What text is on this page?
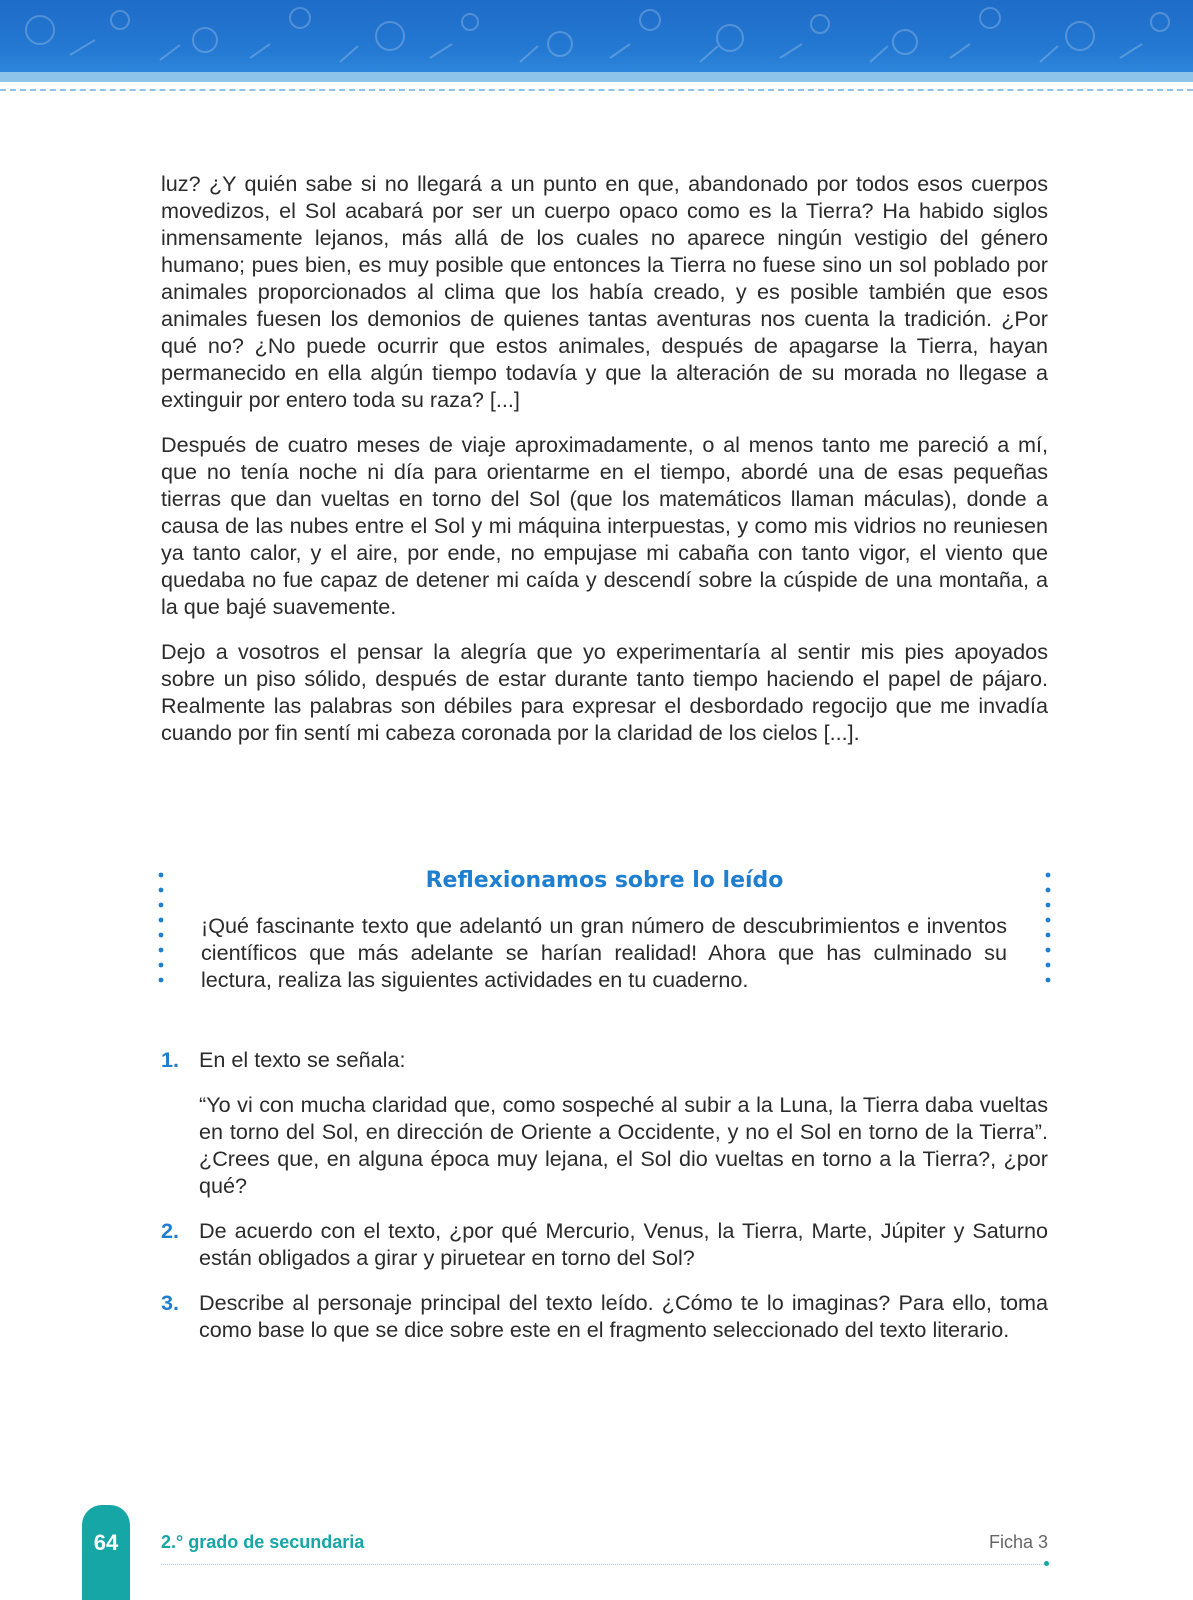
luz? ¿Y quién sabe si no llegará a un punto en que, abandonado por todos esos cuerpos movedizos, el Sol acabará por ser un cuerpo opaco como es la Tierra? Ha habido siglos inmensamente lejanos, más allá de los cuales no aparece ningún vestigio del género humano; pues bien, es muy posible que entonces la Tierra no fuese sino un sol poblado por animales proporcionados al clima que los había creado, y es posible también que esos animales fuesen los demonios de quienes tantas aventuras nos cuenta la tradición. ¿Por qué no? ¿No puede ocurrir que estos animales, después de apagarse la Tierra, hayan permanecido en ella algún tiempo todavía y que la alteración de su morada no llegase a extinguir por entero toda su raza? [...]

Después de cuatro meses de viaje aproximadamente, o al menos tanto me pareció a mí, que no tenía noche ni día para orientarme en el tiempo, abordé una de esas pequeñas tierras que dan vueltas en torno del Sol (que los matemáticos llaman máculas), donde a causa de las nubes entre el Sol y mi máquina interpuestas, y como mis vidrios no reuniesen ya tanto calor, y el aire, por ende, no empujase mi cabaña con tanto vigor, el viento que quedaba no fue capaz de detener mi caída y descendí sobre la cúspide de una montaña, a la que bajé suavemente.

Dejo a vosotros el pensar la alegría que yo experimentaría al sentir mis pies apoyados sobre un piso sólido, después de estar durante tanto tiempo haciendo el papel de pájaro. Realmente las palabras son débiles para expresar el desbordado regocijo que me invadía cuando por fin sentí mi cabeza coronada por la claridad de los cielos [...].

Reflexionamos sobre lo leído
¡Qué fascinante texto que adelantó un gran número de descubrimientos e inventos científicos que más adelante se harían realidad! Ahora que has culminado su lectura, realiza las siguientes actividades en tu cuaderno.
1. En el texto se señala:
“Yo vi con mucha claridad que, como sospeché al subir a la Luna, la Tierra daba vueltas en torno del Sol, en dirección de Oriente a Occidente, y no el Sol en torno de la Tierra”. ¿Crees que, en alguna época muy lejana, el Sol dio vueltas en torno a la Tierra?, ¿por qué?
2. De acuerdo con el texto, ¿por qué Mercurio, Venus, la Tierra, Marte, Júpiter y Saturno están obligados a girar y piruetear en torno del Sol?
3. Describe al personaje principal del texto leído. ¿Cómo te lo imaginas? Para ello, toma como base lo que se dice sobre este en el fragmento seleccionado del texto literario.
64	2.° grado de secundaria	Ficha 3
